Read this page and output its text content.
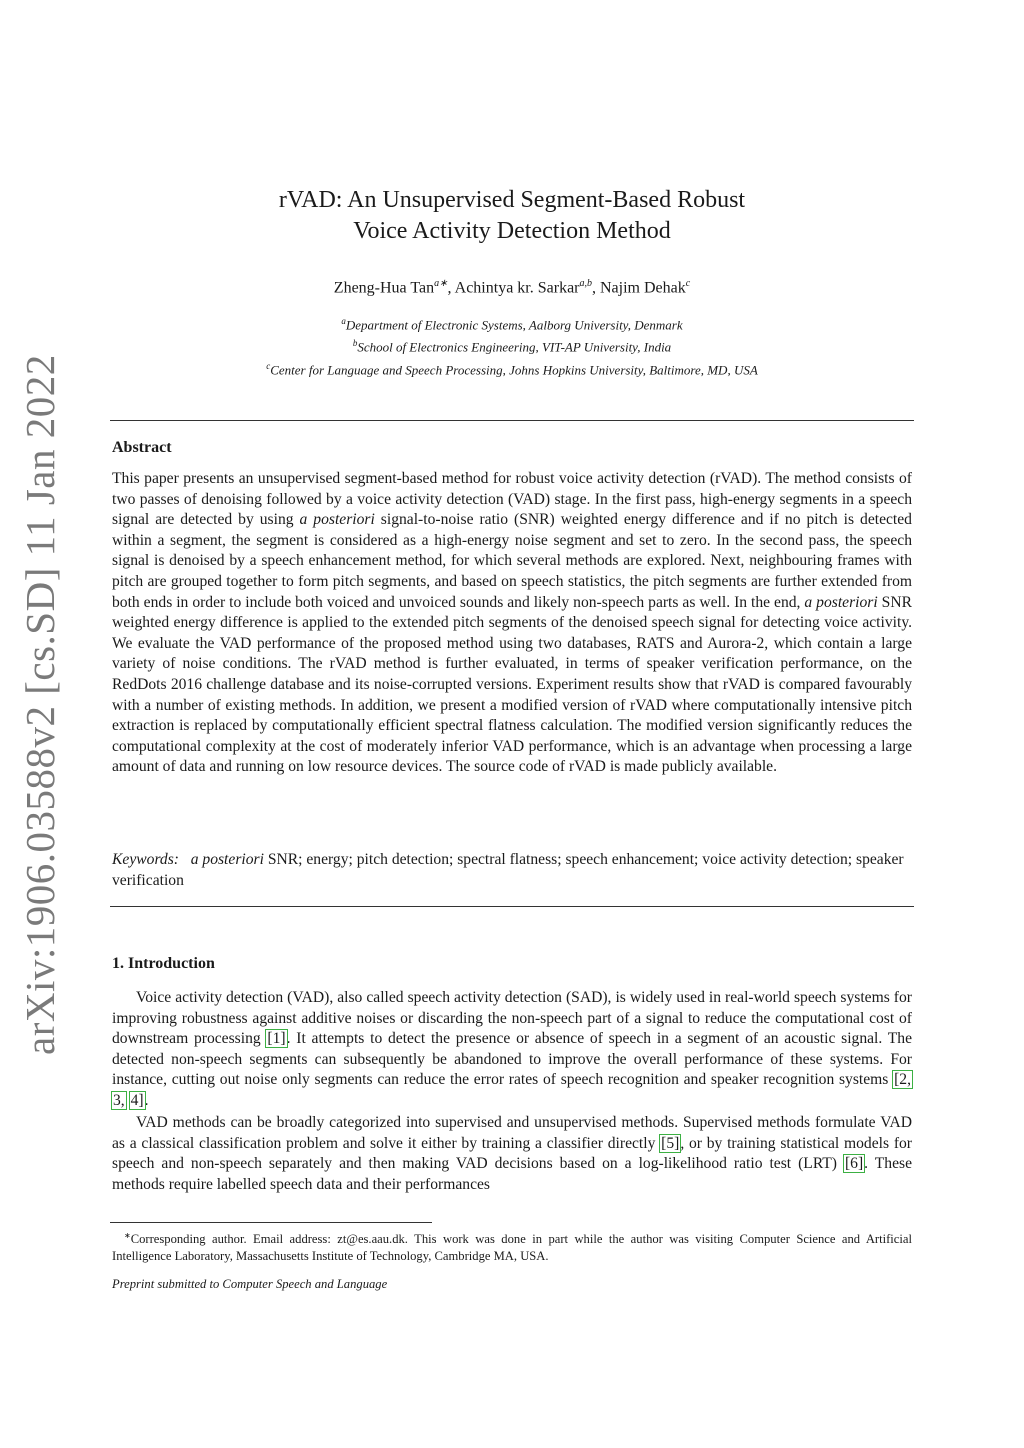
arXiv:1906.03588v2 [cs.SD] 11 Jan 2022
rVAD: An Unsupervised Segment-Based Robust
Voice Activity Detection Method
Zheng-Hua Tan$^{a∗}$, Achintya kr. Sarkar$^{a,b}$, Najim Dehak$^c$
$^a$Department of Electronic Systems, Aalborg University, Denmark
$^b$School of Electronics Engineering, VIT-AP University, India
$^c$Center for Language and Speech Processing, Johns Hopkins University, Baltimore, MD, USA
Abstract
This paper presents an unsupervised segment-based method for robust voice activity detection (rVAD). The method consists of two passes of denoising followed by a voice activity detection (VAD) stage. In the first pass, high-energy segments in a speech signal are detected by using a posteriori signal-to-noise ratio (SNR) weighted energy difference and if no pitch is detected within a segment, the segment is considered as a high-energy noise segment and set to zero. In the second pass, the speech signal is denoised by a speech enhancement method, for which several methods are explored. Next, neighbouring frames with pitch are grouped together to form pitch segments, and based on speech statistics, the pitch segments are further extended from both ends in order to include both voiced and unvoiced sounds and likely non-speech parts as well. In the end, a posteriori SNR weighted energy difference is applied to the extended pitch segments of the denoised speech signal for detecting voice activity. We evaluate the VAD performance of the proposed method using two databases, RATS and Aurora-2, which contain a large variety of noise conditions. The rVAD method is further evaluated, in terms of speaker verification performance, on the RedDots 2016 challenge database and its noise-corrupted versions. Experiment results show that rVAD is compared favourably with a number of existing methods. In addition, we present a modified version of rVAD where computationally intensive pitch extraction is replaced by computationally efficient spectral flatness calculation. The modified version significantly reduces the computational complexity at the cost of moderately inferior VAD performance, which is an advantage when processing a large amount of data and running on low resource devices. The source code of rVAD is made publicly available.
Keywords: a posteriori SNR; energy; pitch detection; spectral flatness; speech enhancement; voice activity detection; speaker verification
1. Introduction
Voice activity detection (VAD), also called speech activity detection (SAD), is widely used in real-world speech systems for improving robustness against additive noises or discarding the non-speech part of a signal to reduce the computational cost of downstream processing [1]. It attempts to detect the presence or absence of speech in a segment of an acoustic signal. The detected non-speech segments can subsequently be abandoned to improve the overall performance of these systems. For instance, cutting out noise only segments can reduce the error rates of speech recognition and speaker recognition systems [2, 3, 4].
VAD methods can be broadly categorized into supervised and unsupervised methods. Supervised methods formulate VAD as a classical classification problem and solve it either by training a classifier directly [5], or by training statistical models for speech and non-speech separately and then making VAD decisions based on a log-likelihood ratio test (LRT) [6]. These methods require labelled speech data and their performances
∗Corresponding author. Email address: zt@es.aau.dk. This work was done in part while the author was visiting Computer Science and Artificial Intelligence Laboratory, Massachusetts Institute of Technology, Cambridge MA, USA.
Preprint submitted to Computer Speech and Language
